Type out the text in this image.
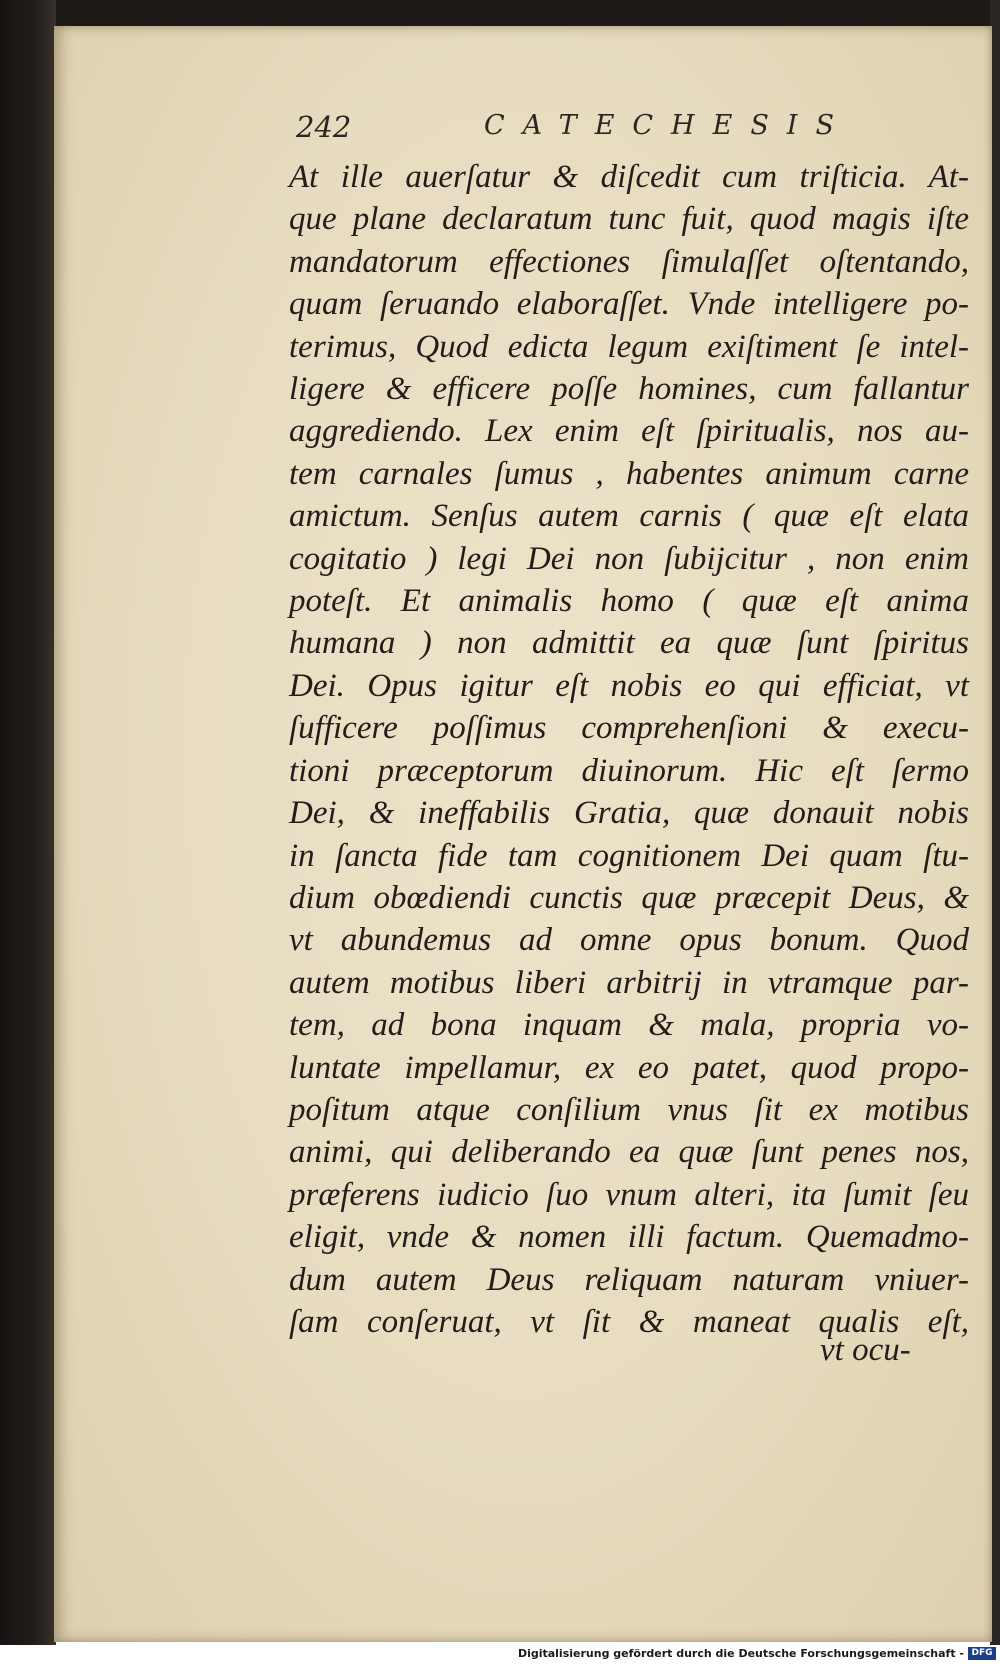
242	CATECHESIS
At ille auerſatur & diſcedit cum triſticia. At-
que plane declaratum tunc fuit, quod magis iſte
mandatorum effectiones ſimulaſſet oſtentando,
quam ſeruando elaboraſſet. Vnde intelligere po-
terimus, Quod edicta legum exiſtiment ſe intel-
ligere & efficere poſſe homines, cum fallantur
aggrediendo. Lex enim eſt ſpiritualis, nos au-
tem carnales ſumus , habentes animum carne
amictum. Senſus autem carnis ( quæ eſt elata
cogitatio ) legi Dei non ſubijcitur , non enim
poteſt. Et animalis homo ( quæ eſt anima
humana ) non admittit ea quæ ſunt ſpiritus
Dei. Opus igitur eſt nobis eo qui efficiat, vt
ſufficere poſſimus comprehenſioni & execu-
tioni præceptorum diuinorum. Hic eſt ſermo
Dei, & ineffabilis Gratia, quæ donauit nobis
in ſancta fide tam cognitionem Dei quam ſtu-
dium obœdiendi cunctis quæ præcepit Deus, &
vt abundemus ad omne opus bonum. Quod
autem motibus liberi arbitrij in vtramque par-
tem, ad bona inquam & mala, propria vo-
luntate impellamur, ex eo patet, quod propo-
poſitum atque conſilium vnus ſit ex motibus
animi, qui deliberando ea quæ ſunt penes nos,
præferens iudicio ſuo vnum alteri, ita ſumit ſeu
eligit, vnde & nomen illi factum. Quemadmo-
dum autem Deus reliquam naturam vniuer-
ſam conſeruat, vt ſit & maneat qualis eſt,
vt ocu-
Digitalisierung gefördert durch die Deutsche Forschungsgemeinschaft - DFG
